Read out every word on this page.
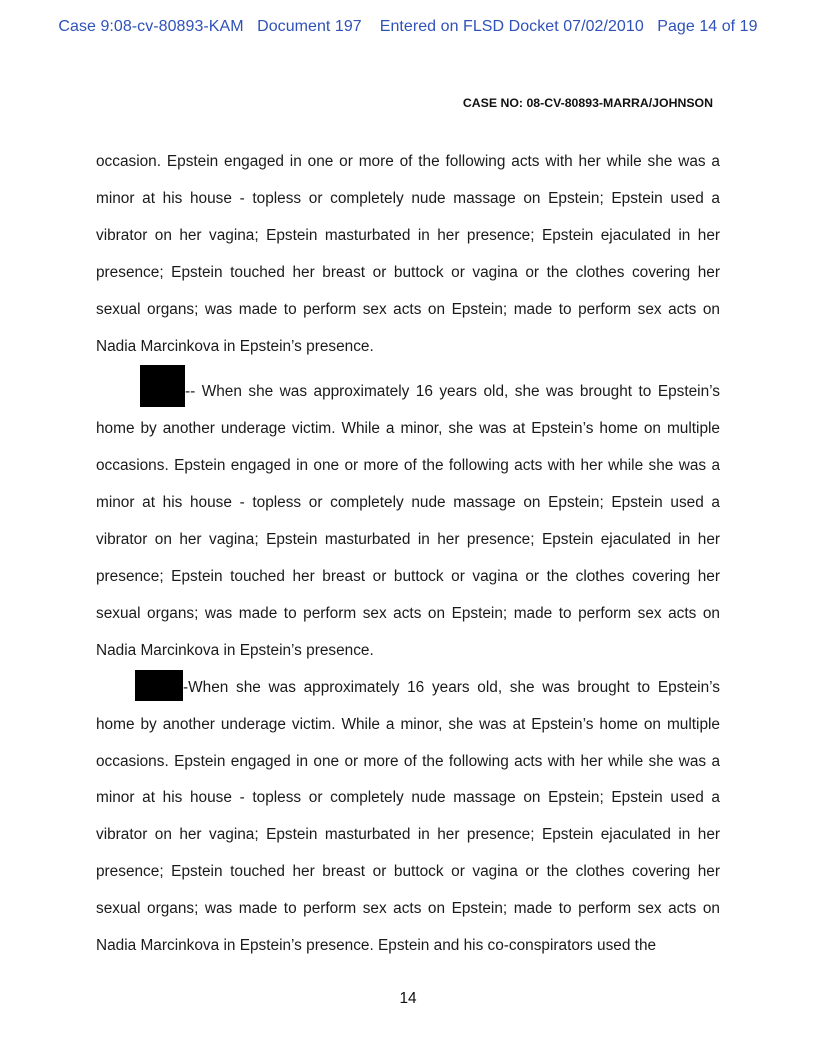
Case 9:08-cv-80893-KAM   Document 197    Entered on FLSD Docket 07/02/2010   Page 14 of 19
CASE NO: 08-CV-80893-MARRA/JOHNSON

occasion. Epstein engaged in one or more of the following acts with her while she was a minor at his house - topless or completely nude massage on Epstein; Epstein used a vibrator on her vagina; Epstein masturbated in her presence; Epstein ejaculated in her presence; Epstein touched her breast or buttock or vagina or the clothes covering her sexual organs; was made to perform sex acts on Epstein; made to perform sex acts on Nadia Marcinkova in Epstein’s presence.

-- When she was approximately 16 years old, she was brought to Epstein’s home by another underage victim. While a minor, she was at Epstein’s home on multiple occasions. Epstein engaged in one or more of the following acts with her while she was a minor at his house - topless or completely nude massage on Epstein; Epstein used a vibrator on her vagina; Epstein masturbated in her presence; Epstein ejaculated in her presence; Epstein touched her breast or buttock or vagina or the clothes covering her sexual organs; was made to perform sex acts on Epstein; made to perform sex acts on Nadia Marcinkova in Epstein’s presence.

-When she was approximately 16 years old, she was brought to Epstein’s home by another underage victim. While a minor, she was at Epstein’s home on multiple occasions. Epstein engaged in one or more of the following acts with her while she was a minor at his house - topless or completely nude massage on Epstein; Epstein used a vibrator on her vagina; Epstein masturbated in her presence; Epstein ejaculated in her presence; Epstein touched her breast or buttock or vagina or the clothes covering her sexual organs; was made to perform sex acts on Epstein; made to perform sex acts on Nadia Marcinkova in Epstein’s presence. Epstein and his co-conspirators used the

14
